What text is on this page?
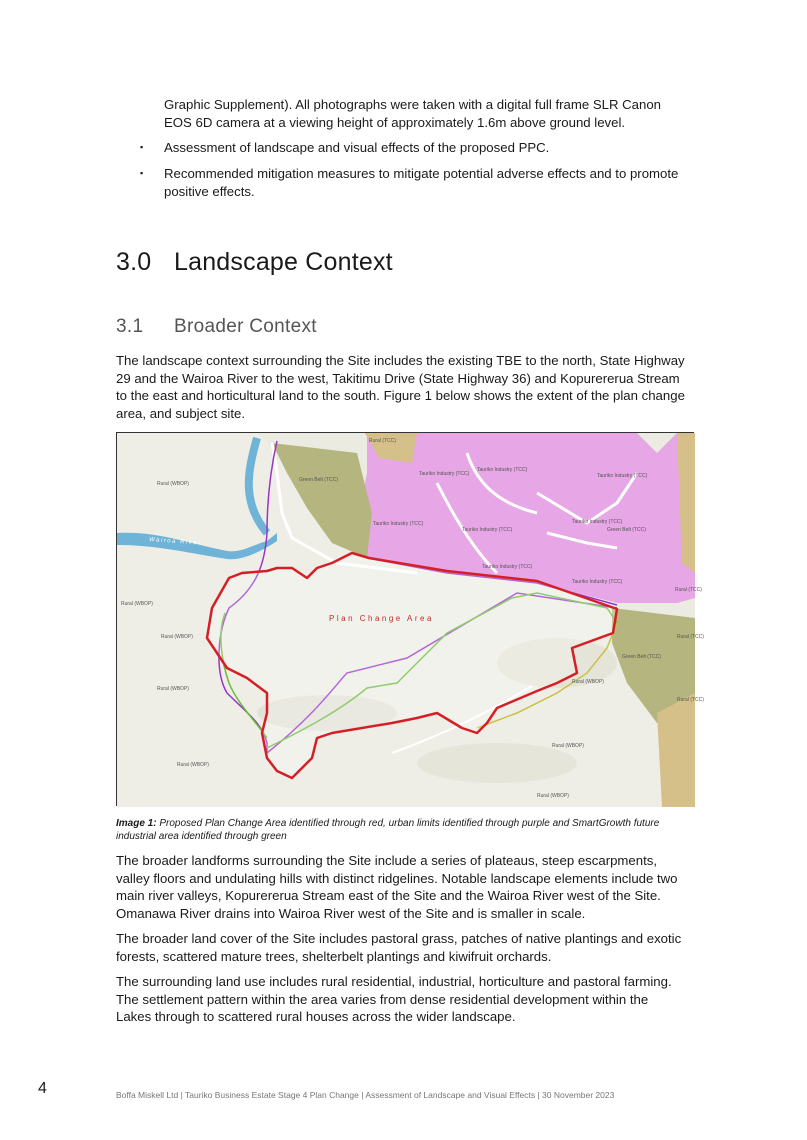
Graphic Supplement). All photographs were taken with a digital full frame SLR Canon EOS 6D camera at a viewing height of approximately 1.6m above ground level.

▪ Assessment of landscape and visual effects of the proposed PPC.

▪ Recommended mitigation measures to mitigate potential adverse effects and to promote positive effects.

3.0 Landscape Context
3.1 Broader Context

The landscape context surrounding the Site includes the existing TBE to the north, State Highway 29 and the Wairoa River to the west, Takitimu Drive (State Highway 36) and Kopurererua Stream to the east and horticultural land to the south. Figure 1 below shows the extent of the plan change area, and subject site.

Plan Change Area
Wairoa River
Rural (TCC)
Rural (WBOP)
Rural (WBOP)
Rural (WBOP)
Rural (WBOP)
Rural (WBOP)
Rural (WBOP)
Rural (WBOP)
Rural (WBOP)
Rural (TCC)
Rural (TCC)
Rural (TCC)
Green Belt (TCC)
Green Belt (TCC)
Green Belt (TCC)
Tauriko Industry (TCC)
Tauriko Industry (TCC)
Tauriko Industry (TCC)
Tauriko Industry (TCC)
Tauriko Industry (TCC)
Tauriko Industry (TCC)
Tauriko Industry (TCC)
Tauriko Industry (TCC)

Image 1: Proposed Plan Change Area identified through red, urban limits identified through purple and SmartGrowth future industrial area identified through green

The broader landforms surrounding the Site include a series of plateaus, steep escarpments, valley floors and undulating hills with distinct ridgelines. Notable landscape elements include two main river valleys, Kopurererua Stream east of the Site and the Wairoa River west of the Site. Omanawa River drains into Wairoa River west of the Site and is smaller in scale.

The broader land cover of the Site includes pastoral grass, patches of native plantings and exotic forests, scattered mature trees, shelterbelt plantings and kiwifruit orchards.

The surrounding land use includes rural residential, industrial, horticulture and pastoral farming. The settlement pattern within the area varies from dense residential development within the Lakes through to scattered rural houses across the wider landscape.

4	Boffa Miskell Ltd | Tauriko Business Estate Stage 4 Plan Change | Assessment of Landscape and Visual Effects | 30 November 2023
